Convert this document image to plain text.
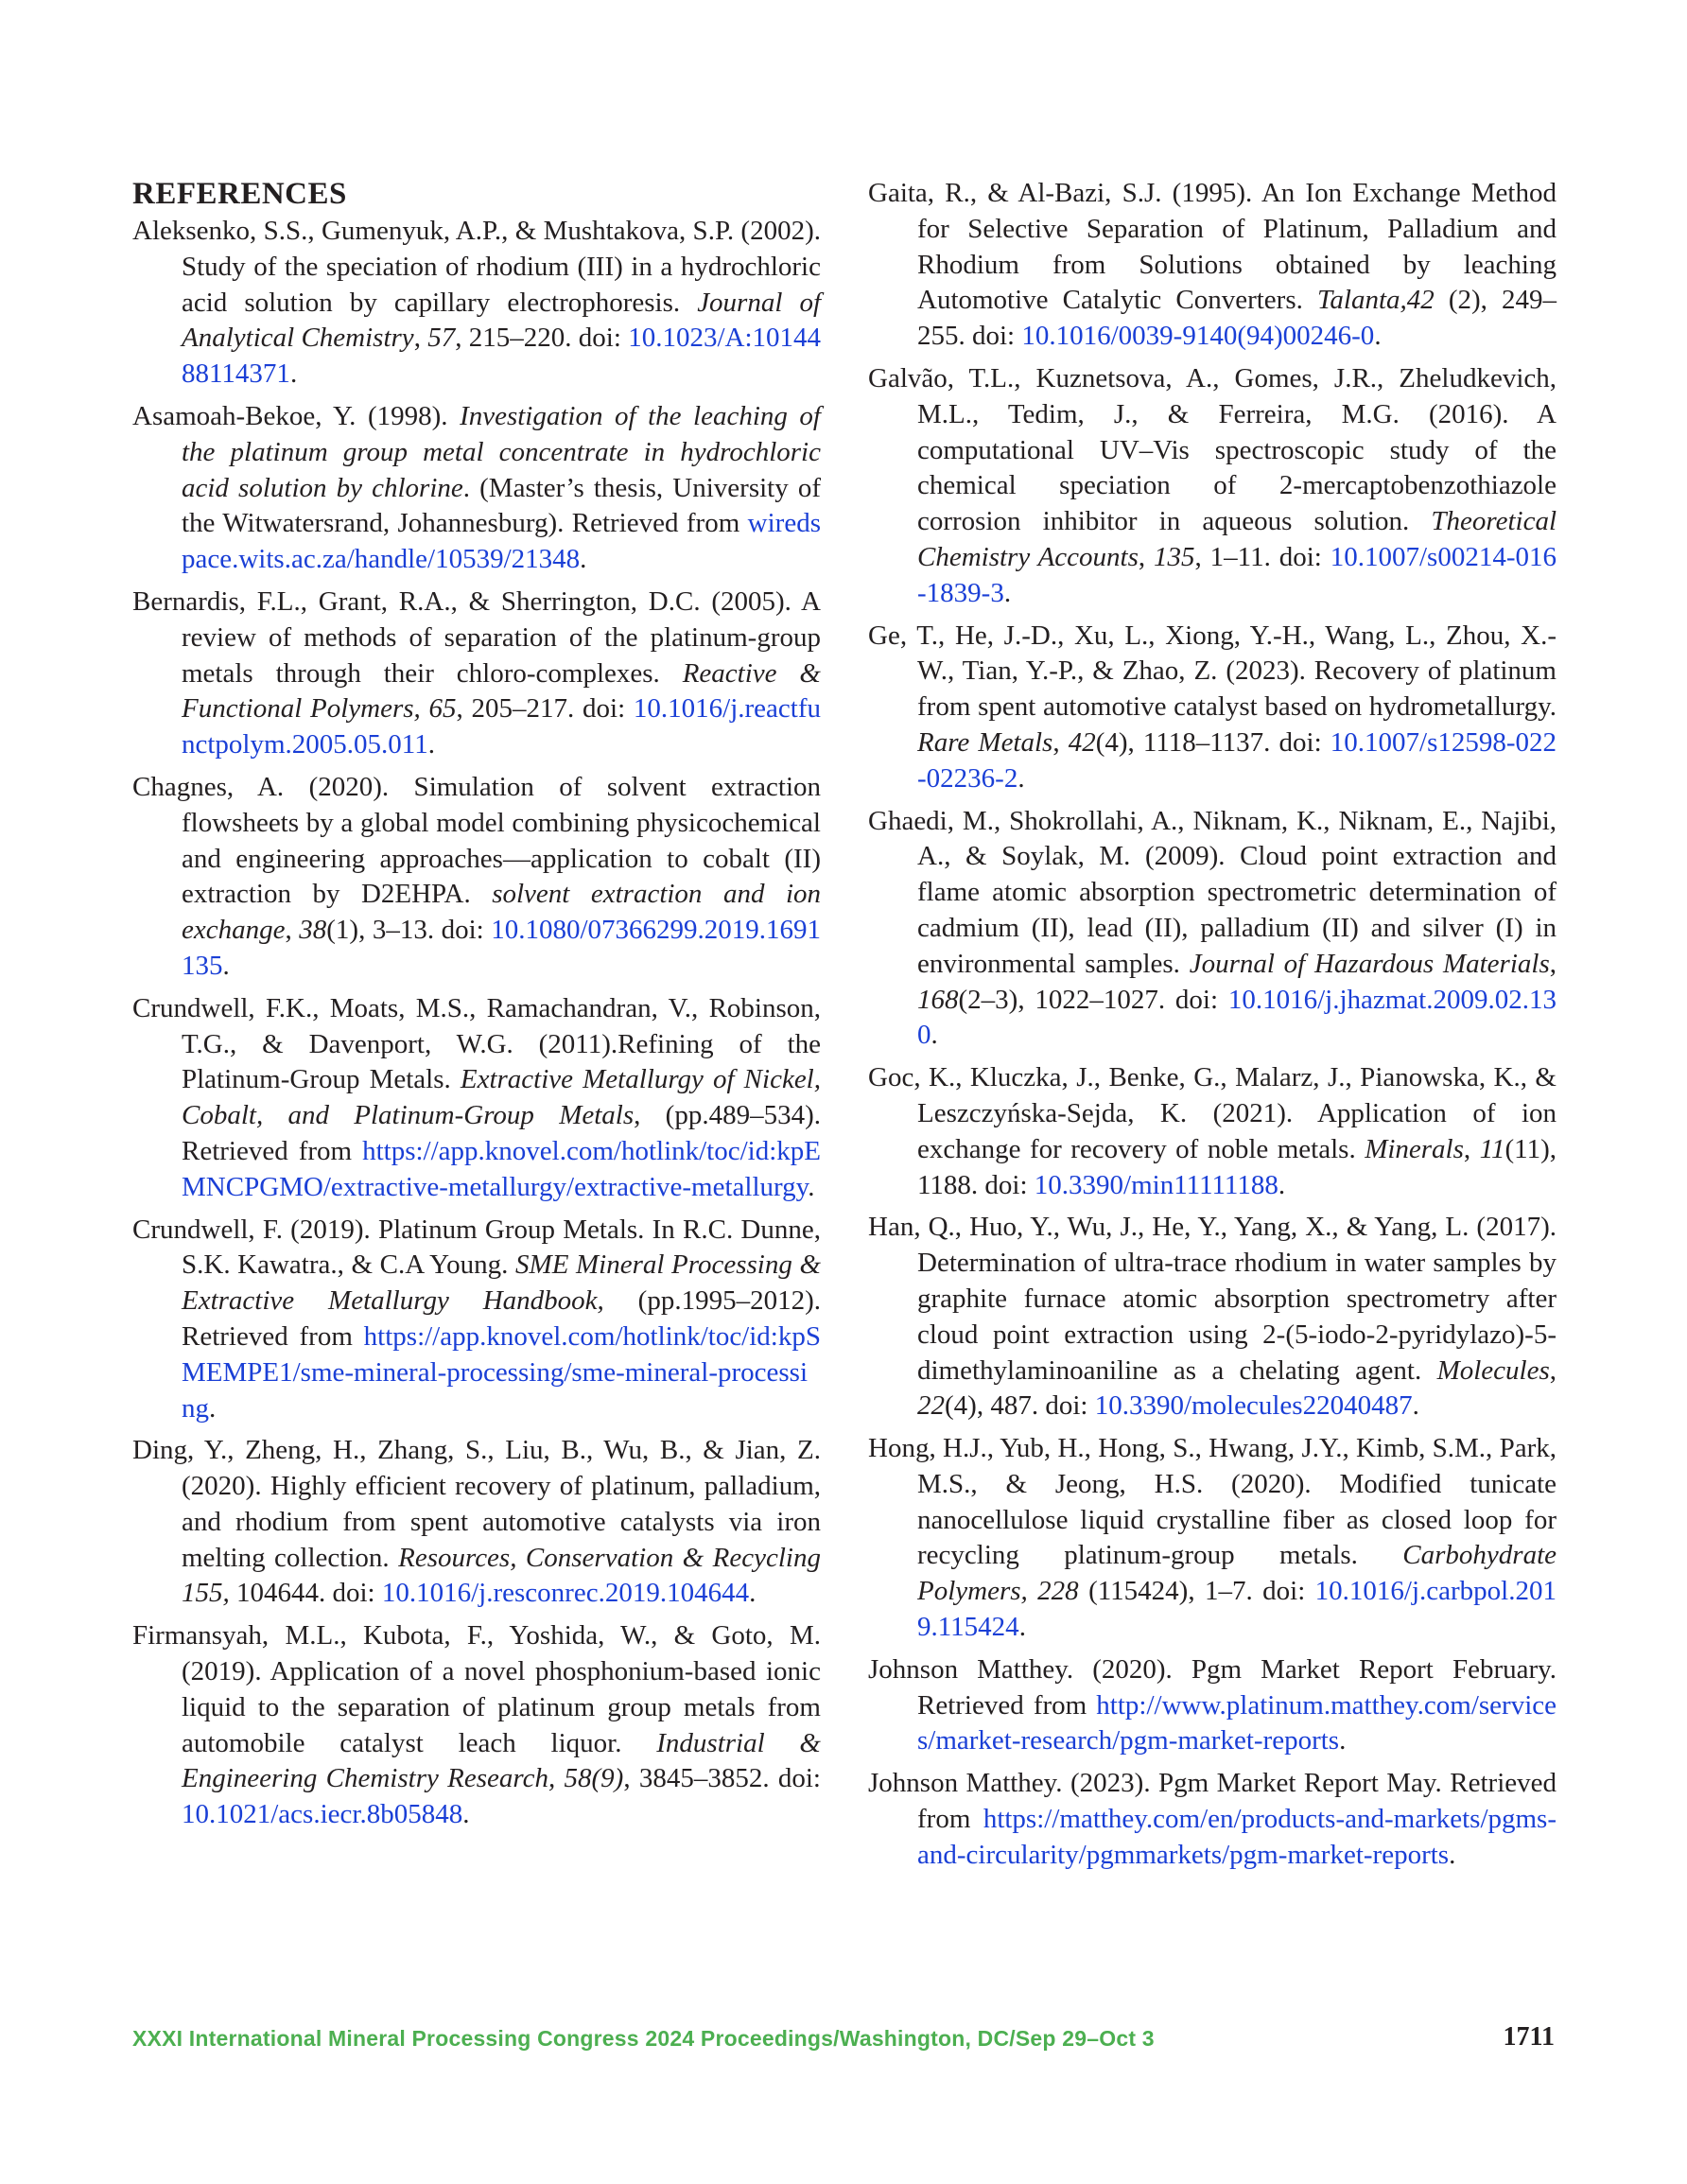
REFERENCES

Aleksenko, S.S., Gumenyuk, A.P., & Mushtakova, S.P. (2002). Study of the speciation of rhodium (III) in a hydrochloric acid solution by capillary electrophoresis. Journal of Analytical Chemistry, 57, 215–220. doi: 10.1023/A:1014488114371.

Asamoah-Bekoe, Y. (1998). Investigation of the leaching of the platinum group metal concentrate in hydrochloric acid solution by chlorine. (Master’s thesis, University of the Witwatersrand, Johannesburg). Retrieved from wiredspace.wits.ac.za/handle/10539/21348.

Bernardis, F.L., Grant, R.A., & Sherrington, D.C. (2005). A review of methods of separation of the platinum-group metals through their chloro-complexes. Reactive & Functional Polymers, 65, 205–217. doi: 10.1016/j.reactfunctpolym.2005.05.011.

Chagnes, A. (2020). Simulation of solvent extraction flowsheets by a global model combining physicochemical and engineering approaches—application to cobalt (II) extraction by D2EHPA. solvent extraction and ion exchange, 38(1), 3–13. doi: 10.1080/07366299.2019.1691135.

Crundwell, F.K., Moats, M.S., Ramachandran, V., Robinson, T.G., & Davenport, W.G. (2011).Refining of the Platinum-Group Metals. Extractive Metallurgy of Nickel, Cobalt, and Platinum-Group Metals, (pp.489–534). Retrieved from https://app.knovel.com/hotlink/toc/id:kpEMNCPGMO/extractive-metallurgy/extractive-metallurgy.

Crundwell, F. (2019). Platinum Group Metals. In R.C. Dunne, S.K. Kawatra., & C.A Young. SME Mineral Processing & Extractive Metallurgy Handbook, (pp.1995–2012). Retrieved from https://app.knovel.com/hotlink/toc/id:kpSMEMPE1/sme-mineral-processing/sme-mineral-processing.

Ding, Y., Zheng, H., Zhang, S., Liu, B., Wu, B., & Jian, Z. (2020). Highly efficient recovery of platinum, palladium, and rhodium from spent automotive catalysts via iron melting collection. Resources, Conservation & Recycling 155, 104644. doi: 10.1016/j.resconrec.2019.104644.

Firmansyah, M.L., Kubota, F., Yoshida, W., & Goto, M. (2019). Application of a novel phosphonium-based ionic liquid to the separation of platinum group metals from automobile catalyst leach liquor. Industrial & Engineering Chemistry Research, 58(9), 3845–3852. doi: 10.1021/acs.iecr.8b05848.

Gaita, R., & Al-Bazi, S.J. (1995). An Ion Exchange Method for Selective Separation of Platinum, Palladium and Rhodium from Solutions obtained by leaching Automotive Catalytic Converters. Talanta,42 (2), 249–255. doi: 10.1016/0039-9140(94)00246-0.

Galvão, T.L., Kuznetsova, A., Gomes, J.R., Zheludkevich, M.L., Tedim, J., & Ferreira, M.G. (2016). A computational UV–Vis spectroscopic study of the chemical speciation of 2-mercaptobenzothiazole corrosion inhibitor in aqueous solution. Theoretical Chemistry Accounts, 135, 1–11. doi: 10.1007/s00214-016-1839-3.

Ge, T., He, J.-D., Xu, L., Xiong, Y.-H., Wang, L., Zhou, X.-W., Tian, Y.-P., & Zhao, Z. (2023). Recovery of platinum from spent automotive catalyst based on hydrometallurgy. Rare Metals, 42(4), 1118–1137. doi: 10.1007/s12598-022-02236-2.

Ghaedi, M., Shokrollahi, A., Niknam, K., Niknam, E., Najibi, A., & Soylak, M. (2009). Cloud point extraction and flame atomic absorption spectrometric determination of cadmium (II), lead (II), palladium (II) and silver (I) in environmental samples. Journal of Hazardous Materials, 168(2–3), 1022–1027. doi: 10.1016/j.jhazmat.2009.02.130.

Goc, K., Kluczka, J., Benke, G., Malarz, J., Pianowska, K., & Leszczyńska-Sejda, K. (2021). Application of ion exchange for recovery of noble metals. Minerals, 11(11), 1188. doi: 10.3390/min11111188.

Han, Q., Huo, Y., Wu, J., He, Y., Yang, X., & Yang, L. (2017). Determination of ultra-trace rhodium in water samples by graphite furnace atomic absorption spectrometry after cloud point extraction using 2-(5-iodo-2-pyridylazo)-5-dimethylaminoaniline as a chelating agent. Molecules, 22(4), 487. doi: 10.3390/molecules22040487.

Hong, H.J., Yub, H., Hong, S., Hwang, J.Y., Kimb, S.M., Park, M.S., & Jeong, H.S. (2020). Modified tunicate nanocellulose liquid crystalline fiber as closed loop for recycling platinum-group metals. Carbohydrate Polymers, 228 (115424), 1–7. doi: 10.1016/j.carbpol.2019.115424.

Johnson Matthey. (2020). Pgm Market Report February. Retrieved from http://www.platinum.matthey.com/services/market-research/pgm-market-reports.

Johnson Matthey. (2023). Pgm Market Report May. Retrieved from https://matthey.com/en/products-and-markets/pgms-and-circularity/pgmmarkets/pgm-market-reports.

XXXI International Mineral Processing Congress 2024 Proceedings/Washington, DC/Sep 29–Oct 3	1711
